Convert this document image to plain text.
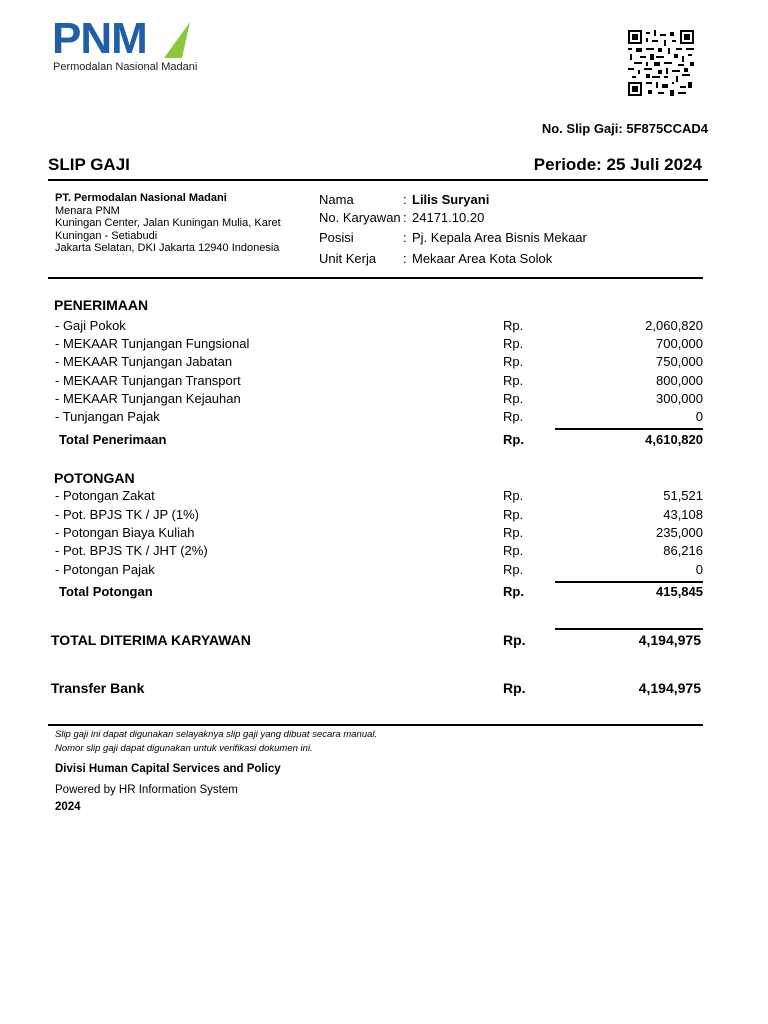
PNM
Permodalan Nasional Madani
No. Slip Gaji: 5F875CCAD4
SLIP GAJI	Periode: 25 Juli 2024
PT. Permodalan Nasional Madani
Menara PNM
Kuningan Center, Jalan Kuningan Mulia, Karet
Kuningan - Setiabudi
Jakarta Selatan, DKI Jakarta 12940 Indonesia
Nama	: Lilis Suryani
No. Karyawan : 24171.10.20
Posisi	: Pj. Kepala Area Bisnis Mekaar
Unit Kerja : Mekaar Area Kota Solok
PENERIMAAN
- Gaji Pokok	Rp.	2,060,820
- MEKAAR Tunjangan Fungsional	Rp.	700,000
- MEKAAR Tunjangan Jabatan	Rp.	750,000
- MEKAAR Tunjangan Transport	Rp.	800,000
- MEKAAR Tunjangan Kejauhan	Rp.	300,000
- Tunjangan Pajak	Rp.	0
Total Penerimaan	Rp.	4,610,820
POTONGAN
- Potongan Zakat	Rp.	51,521
- Pot. BPJS TK / JP (1%)	Rp.	43,108
- Potongan Biaya Kuliah	Rp.	235,000
- Pot. BPJS TK / JHT (2%)	Rp.	86,216
- Potongan Pajak	Rp.	0
Total Potongan	Rp.	415,845
TOTAL DITERIMA KARYAWAN	Rp.	4,194,975
Transfer Bank	Rp.	4,194,975
Slip gaji ini dapat digunakan selayaknya slip gaji yang dibuat secara manual.
Nomor slip gaji dapat digunakan untuk verifikasi dokumen ini.
Divisi Human Capital Services and Policy
Powered by HR Information System
2024
